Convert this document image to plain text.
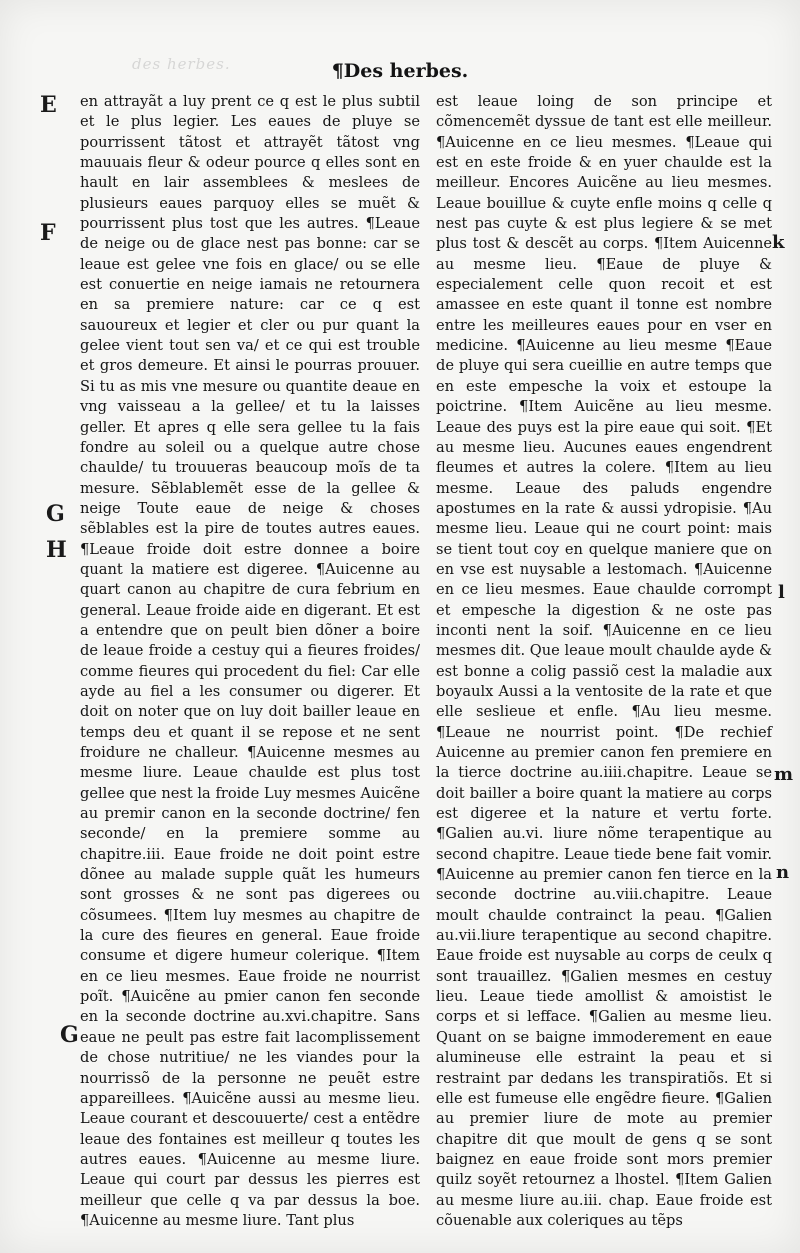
des herbes.	¶Des herbes.
E
F
G
H
G
k
l
m
n

en attrayãt a luy prent ce q est le plus subtil et le plus legier. Les eaues de pluye se pourrissent tãtost et attrayẽt tãtost vng mauuais fleur & odeur pource q elles sont en hault en lair assemblees & meslees de plusieurs eaues parquoy elles se muẽt & pourrissent plus tost que les autres. ¶Leaue de neige ou de glace nest pas bonne: car se leaue est gelee vne fois en glace/ ou se elle est conuertie en neige iamais ne retournera en sa premiere nature: car ce q est sauoureux et legier et cler ou pur quant la gelee vient tout sen va/ et ce qui est trouble et gros demeure. Et ainsi le pourras prouuer. Si tu as mis vne mesure ou quantite deaue en vng vaisseau a la gellee/ et tu la laisses geller. Et apres q elle sera gellee tu la fais fondre au soleil ou a quelque autre chose chaulde/ tu trouueras beaucoup moĩs de ta mesure. Sẽblablemẽt esse de la gellee & neige Toute eaue de neige & choses sẽblables est la pire de toutes autres eaues. ¶Leaue froide doit estre donnee a boire quant la matiere est digeree. ¶Auicenne au quart canon au chapitre de cura febrium en general. Leaue froide aide en digerant. Et est a entendre que on peult bien dõner a boire de leaue froide a cestuy qui a fieures froides/ comme fieures qui procedent du fiel: Car elle ayde au fiel a les consumer ou digerer. Et doit on noter que on luy doit bailler leaue en temps deu et quant il se repose et ne sent froidure ne challeur. ¶Auicenne mesmes au mesme liure. Leaue chaulde est plus tost gellee que nest la froide Luy mesmes Auicẽne au premir canon en la seconde doctrine/ fen seconde/ en la premiere somme au chapitre.iii. Eaue froide ne doit point estre dõnee au malade supple quãt les humeurs sont grosses & ne sont pas digerees ou cõsumees. ¶Item luy mesmes au chapitre de la cure des fieures en general. Eaue froide consume et digere humeur colerique. ¶Item en ce lieu mesmes. Eaue froide ne nourrist poĩt. ¶Auicẽne au pmier canon fen seconde en la seconde doctrine au.xvi.chapitre. Sans eaue ne peult pas estre fait lacomplissement de chose nutritiue/ ne les viandes pour la nourrissõ de la personne ne peuẽt estre appareillees. ¶Auicẽne aussi au mesme lieu. Leaue courant et descouuerte/ cest a entẽdre leaue des fontaines est meilleur q toutes les autres eaues. ¶Auicenne au mesme liure. Leaue qui court par dessus les pierres est meilleur que celle q va par dessus la boe. ¶Auicenne au mesme liure. Tant plus

est leaue loing de son principe et cõmencemẽt dyssue de tant est elle meilleur. ¶Auicenne en ce lieu mesmes. ¶Leaue qui est en este froide & en yuer chaulde est la meilleur. Encores Auicẽne au lieu mesmes. Leaue bouillue & cuyte enfle moins q celle q nest pas cuyte & est plus legiere & se met plus tost & descẽt au corps. ¶Item Auicenne au mesme lieu. ¶Eaue de pluye & especialement celle quon recoit et est amassee en este quant il tonne est nombre entre les meilleures eaues pour en vser en medicine. ¶Auicenne au lieu mesme ¶Eaue de pluye qui sera cueillie en autre temps que en este empesche la voix et estoupe la poictrine. ¶Item Auicẽne au lieu mesme. Leaue des puys est la pire eaue qui soit. ¶Et au mesme lieu. Aucunes eaues engendrent fleumes et autres la colere. ¶Item au lieu mesme. Leaue des paluds engendre apostumes en la rate & aussi ydropisie. ¶Au mesme lieu. Leaue qui ne court point: mais se tient tout coy en quelque maniere que on en vse est nuysable a lestomach. ¶Auicenne en ce lieu mesmes. Eaue chaulde corrompt et empesche la digestion & ne oste pas inconti nent la soif. ¶Auicenne en ce lieu mesmes dit. Que leaue moult chaulde ayde & est bonne a colig passiõ cest la maladie aux boyaulx Aussi a la ventosite de la rate et que elle seslieue et enfle. ¶Au lieu mesme. ¶Leaue ne nourrist point. ¶De rechief Auicenne au premier canon fen premiere en la tierce doctrine au.iiii.chapitre. Leaue se doit bailler a boire quant la matiere au corps est digeree et la nature et vertu forte. ¶Galien au.vi. liure nõme terapentique au second chapitre. Leaue tiede bene fait vomir. ¶Auicenne au premier canon fen tierce en la seconde doctrine au.viii.chapitre. Leaue moult chaulde contrainct la peau. ¶Galien au.vii.liure terapentique au second chapitre. Eaue froide est nuysable au corps de ceulx q sont trauaillez. ¶Galien mesmes en cestuy lieu. Leaue tiede amollist & amoistist le corps et si lefface. ¶Galien au mesme lieu. Quant on se baigne immoderement en eaue alumineuse elle estraint la peau et si restraint par dedans les transpiratiõs. Et si elle est fumeuse elle engẽdre fieure. ¶Galien au premier liure de mote au premier chapitre dit que moult de gens q se sont baignez en eaue froide sont mors premier quilz soyẽt retournez a lhostel. ¶Item Galien au mesme liure au.iii. chap. Eaue froide est cõuenable aux coleriques au tẽps
